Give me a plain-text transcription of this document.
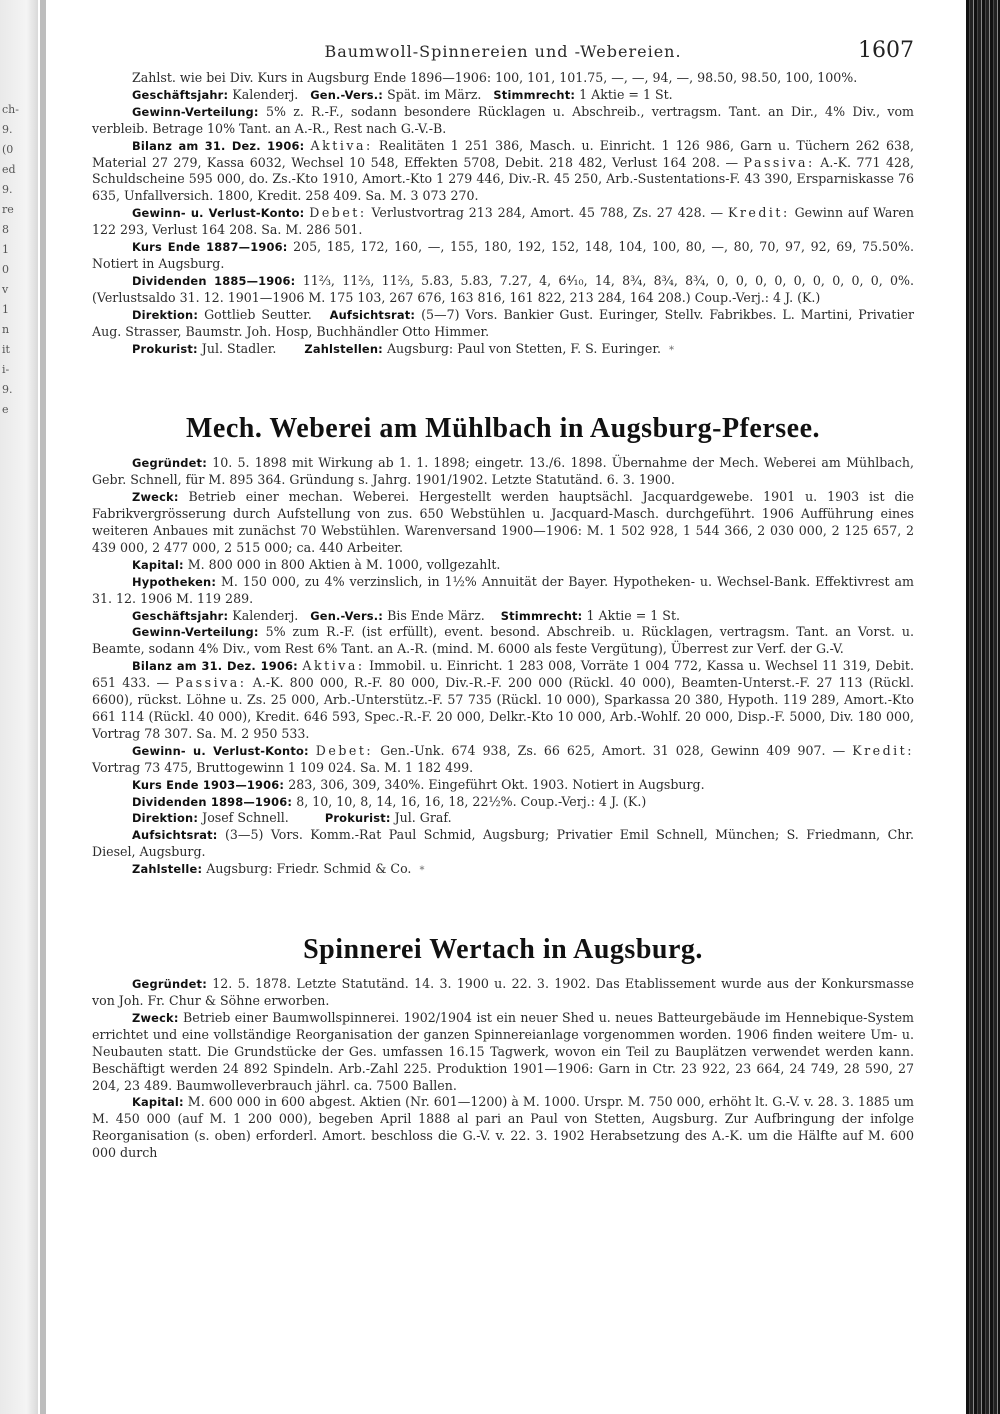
ch-
9.
(0
ed
9.
re
8
1
0
v
1
n
it
i-
9.
e
Baumwoll-Spinnereien und -Webereien.	1607

Zahlst. wie bei Div. Kurs in Augsburg Ende 1896—1906: 100, 101, 101.75, —, —, 94, —, 98.50, 98.50, 100, 100%.

Geschäftsjahr: Kalenderj. Gen.-Vers.: Spät. im März. Stimmrecht: 1 Aktie = 1 St.

Gewinn-Verteilung: 5% z. R.-F., sodann besondere Rücklagen u. Abschreib., vertragsm. Tant. an Dir., 4% Div., vom verbleib. Betrage 10% Tant. an A.-R., Rest nach G.-V.-B.

Bilanz am 31. Dez. 1906: Aktiva: Realitäten 1 251 386, Masch. u. Einricht. 1 126 986, Garn u. Tüchern 262 638, Material 27 279, Kassa 6032, Wechsel 10 548, Effekten 5708, Debit. 218 482, Verlust 164 208. — Passiva: A.-K. 771 428, Schuldscheine 595 000, do. Zs.-Kto 1910, Amort.-Kto 1 279 446, Div.-R. 45 250, Arb.-Sustentations-F. 43 390, Ersparniskasse 76 635, Unfallversich. 1800, Kredit. 258 409. Sa. M. 3 073 270.

Gewinn- u. Verlust-Konto: Debet: Verlustvortrag 213 284, Amort. 45 788, Zs. 27 428. — Kredit: Gewinn auf Waren 122 293, Verlust 164 208. Sa. M. 286 501.

Kurs Ende 1887—1906: 205, 185, 172, 160, —, 155, 180, 192, 152, 148, 104, 100, 80, —, 80, 70, 97, 92, 69, 75.50%. Notiert in Augsburg.

Dividenden 1885—1906: 11⅔, 11⅔, 11⅔, 5.83, 5.83, 7.27, 4, 6⁴⁄₁₀, 14, 8¾, 8¾, 8¾, 0, 0, 0, 0, 0, 0, 0, 0, 0, 0%. (Verlustsaldo 31. 12. 1901—1906 M. 175 103, 267 676, 163 816, 161 822, 213 284, 164 208.) Coup.-Verj.: 4 J. (K.)

Direktion: Gottlieb Seutter. Aufsichtsrat: (5—7) Vors. Bankier Gust. Euringer, Stellv. Fabrikbes. L. Martini, Privatier Aug. Strasser, Baumstr. Joh. Hosp, Buchhändler Otto Himmer.

Prokurist: Jul. Stadler. Zahlstellen: Augsburg: Paul von Stetten, F. S. Euringer. *

Mech. Weberei am Mühlbach in Augsburg-Pfersee.

Gegründet: 10. 5. 1898 mit Wirkung ab 1. 1. 1898; eingetr. 13./6. 1898. Übernahme der Mech. Weberei am Mühlbach, Gebr. Schnell, für M. 895 364. Gründung s. Jahrg. 1901/1902. Letzte Statutänd. 6. 3. 1900.

Zweck: Betrieb einer mechan. Weberei. Hergestellt werden hauptsächl. Jacquardgewebe. 1901 u. 1903 ist die Fabrikvergrösserung durch Aufstellung von zus. 650 Webstühlen u. Jacquard-Masch. durchgeführt. 1906 Aufführung eines weiteren Anbaues mit zunächst 70 Webstühlen. Warenversand 1900—1906: M. 1 502 928, 1 544 366, 2 030 000, 2 125 657, 2 439 000, 2 477 000, 2 515 000; ca. 440 Arbeiter.

Kapital: M. 800 000 in 800 Aktien à M. 1000, vollgezahlt.

Hypotheken: M. 150 000, zu 4% verzinslich, in 1½% Annuität der Bayer. Hypotheken- u. Wechsel-Bank. Effektivrest am 31. 12. 1906 M. 119 289.

Geschäftsjahr: Kalenderj. Gen.-Vers.: Bis Ende März. Stimmrecht: 1 Aktie = 1 St.

Gewinn-Verteilung: 5% zum R.-F. (ist erfüllt), event. besond. Abschreib. u. Rücklagen, vertragsm. Tant. an Vorst. u. Beamte, sodann 4% Div., vom Rest 6% Tant. an A.-R. (mind. M. 6000 als feste Vergütung), Überrest zur Verf. der G.-V.

Bilanz am 31. Dez. 1906: Aktiva: Immobil. u. Einricht. 1 283 008, Vorräte 1 004 772, Kassa u. Wechsel 11 319, Debit. 651 433. — Passiva: A.-K. 800 000, R.-F. 80 000, Div.-R.-F. 200 000 (Rückl. 40 000), Beamten-Unterst.-F. 27 113 (Rückl. 6600), rückst. Löhne u. Zs. 25 000, Arb.-Unterstütz.-F. 57 735 (Rückl. 10 000), Sparkassa 20 380, Hypoth. 119 289, Amort.-Kto 661 114 (Rückl. 40 000), Kredit. 646 593, Spec.-R.-F. 20 000, Delkr.-Kto 10 000, Arb.-Wohlf. 20 000, Disp.-F. 5000, Div. 180 000, Vortrag 78 307. Sa. M. 2 950 533.

Gewinn- u. Verlust-Konto: Debet: Gen.-Unk. 674 938, Zs. 66 625, Amort. 31 028, Gewinn 409 907. — Kredit: Vortrag 73 475, Bruttogewinn 1 109 024. Sa. M. 1 182 499.

Kurs Ende 1903—1906: 283, 306, 309, 340%. Eingeführt Okt. 1903. Notiert in Augsburg.

Dividenden 1898—1906: 8, 10, 10, 8, 14, 16, 16, 18, 22½%. Coup.-Verj.: 4 J. (K.)

Direktion: Josef Schnell.	Prokurist: Jul. Graf.

Aufsichtsrat: (3—5) Vors. Komm.-Rat Paul Schmid, Augsburg; Privatier Emil Schnell, München; S. Friedmann, Chr. Diesel, Augsburg.

Zahlstelle: Augsburg: Friedr. Schmid & Co. *

Spinnerei Wertach in Augsburg.

Gegründet: 12. 5. 1878. Letzte Statutänd. 14. 3. 1900 u. 22. 3. 1902. Das Etablissement wurde aus der Konkursmasse von Joh. Fr. Chur & Söhne erworben.

Zweck: Betrieb einer Baumwollspinnerei. 1902/1904 ist ein neuer Shed u. neues Batteurgebäude im Hennebique-System errichtet und eine vollständige Reorganisation der ganzen Spinnereianlage vorgenommen worden. 1906 finden weitere Um- u. Neubauten statt. Die Grundstücke der Ges. umfassen 16.15 Tagwerk, wovon ein Teil zu Bauplätzen verwendet werden kann. Beschäftigt werden 24 892 Spindeln. Arb.-Zahl 225. Produktion 1901—1906: Garn in Ctr. 23 922, 23 664, 24 749, 28 590, 27 204, 23 489. Baumwolleverbrauch jährl. ca. 7500 Ballen.

Kapital: M. 600 000 in 600 abgest. Aktien (Nr. 601—1200) à M. 1000. Urspr. M. 750 000, erhöht lt. G.-V. v. 28. 3. 1885 um M. 450 000 (auf M. 1 200 000), begeben April 1888 al pari an Paul von Stetten, Augsburg. Zur Aufbringung der infolge Reorganisation (s. oben) erforderl. Amort. beschloss die G.-V. v. 22. 3. 1902 Herabsetzung des A.-K. um die Hälfte auf M. 600 000 durch
